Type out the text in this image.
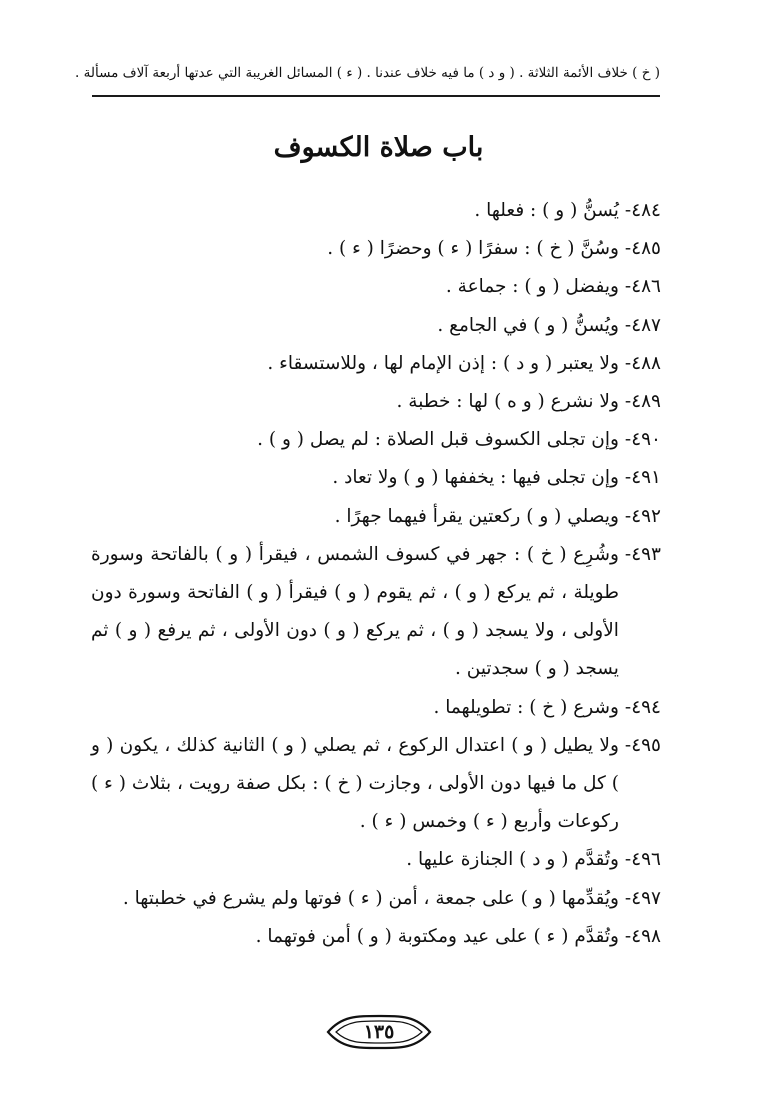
( خ ) خلاف الأئمة الثلاثة . ( و د ) ما فيه خلاف عندنا . ( ء ) المسائل الغريبة التي عدتها أربعة آلاف مسألة .
باب صلاة الكسوف
٤٨٤-
يُسنُّ ( و ) : فعلها .
٤٨٥-
وسُنَّ ( خ ) : سفرًا ( ء ) وحضرًا ( ء ) .
٤٨٦-
ويفضل ( و ) : جماعة .
٤٨٧-
ويُسنُّ ( و ) في الجامع .
٤٨٨-
ولا يعتبر ( و د ) : إذن الإمام لها ، وللاستسقاء .
٤٨٩-
ولا نشرع ( و ه ) لها : خطبة .
٤٩٠-
وإن تجلى الكسوف قبل الصلاة : لم يصل ( و ) .
٤٩١-
وإن تجلى فيها : يخففها ( و ) ولا تعاد .
٤٩٢-
ويصلي ( و ) ركعتين يقرأ فيهما جهرًا .
٤٩٣-
وشُرِع ( خ ) : جهر في كسوف الشمس ، فيقرأ ( و ) بالفاتحة وسورة طويلة ، ثم يركع ( و ) ، ثم يقوم ( و ) فيقرأ ( و ) الفاتحة وسورة دون الأولى ، ولا يسجد ( و ) ، ثم يركع ( و ) دون الأولى ، ثم يرفع ( و ) ثم يسجد ( و ) سجدتين .
٤٩٤-
وشرع ( خ ) : تطويلهما .
٤٩٥-
ولا يطيل ( و ) اعتدال الركوع ، ثم يصلي ( و ) الثانية كذلك ، يكون ( و ) كل ما فيها دون الأولى ، وجازت ( خ ) : بكل صفة رويت ، بثلاث ( ء ) ركوعات وأربع ( ء ) وخمس ( ء ) .
٤٩٦-
وتُقدَّم ( و د ) الجنازة عليها .
٤٩٧-
ويُقدِّمها ( و ) على جمعة ، أمن ( ء ) فوتها ولم يشرع في خطبتها .
٤٩٨-
وتُقدَّم ( ء ) على عيد ومكتوبة ( و ) أمن فوتهما .
١٣٥
